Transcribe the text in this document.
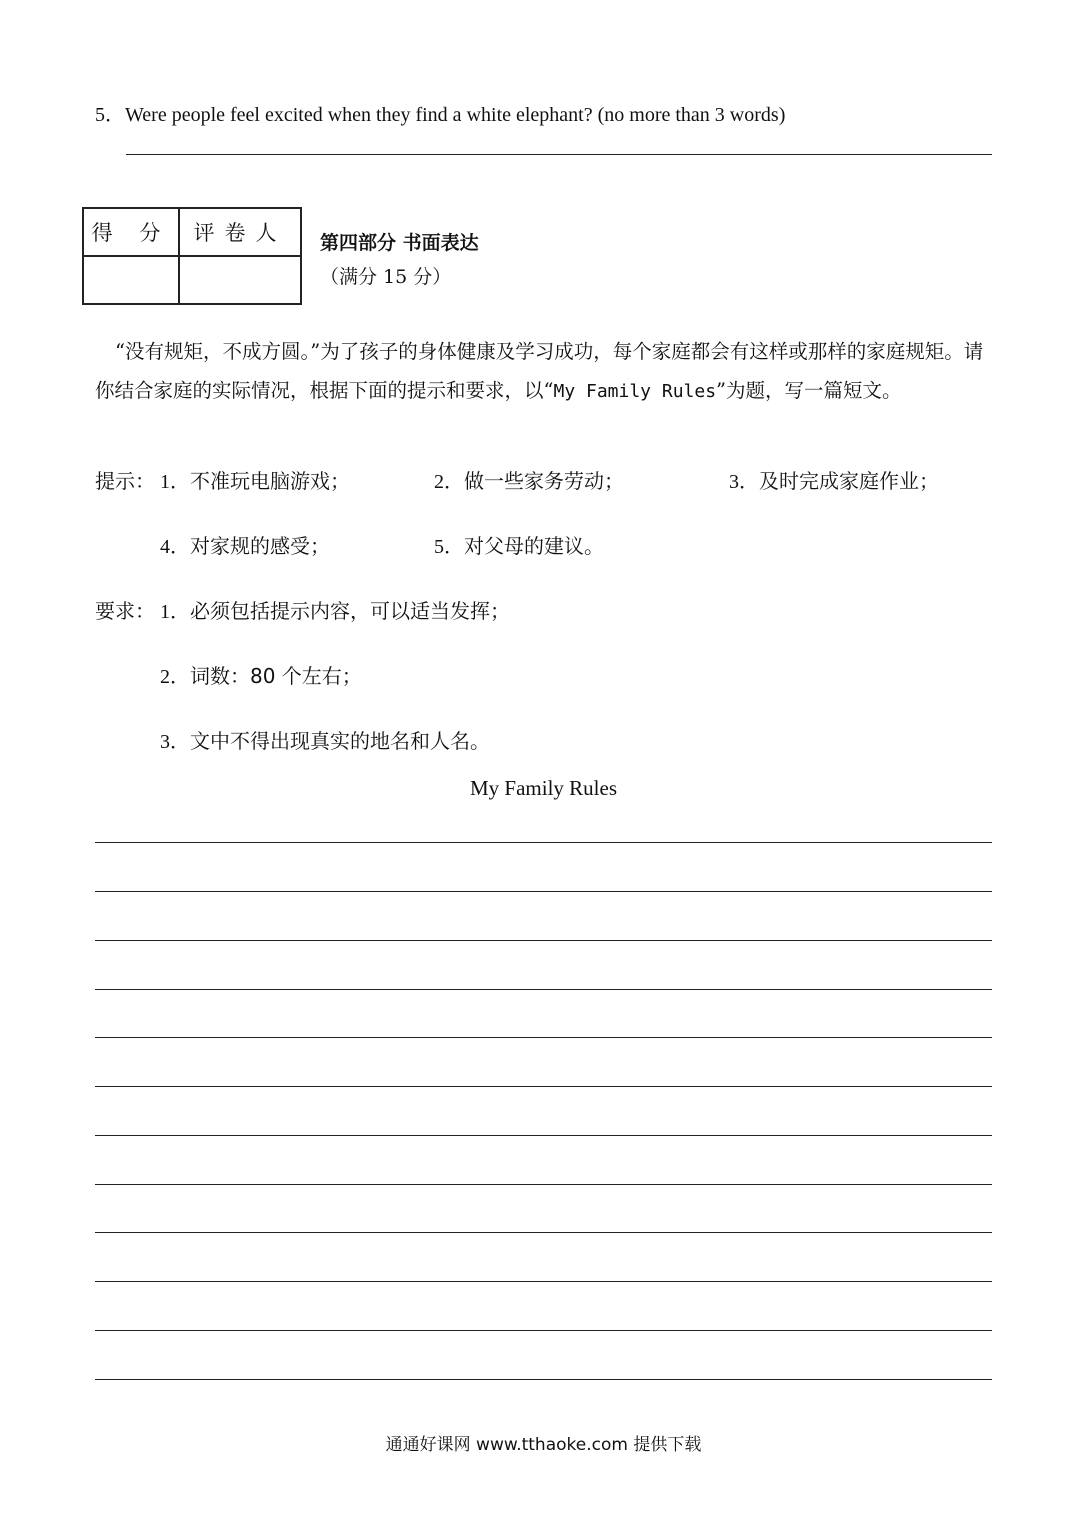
5．Were people feel excited when they find a white elephant? (no more than 3 words)
得 分	评卷人
	第四部分 书面表达
（满分 15 分）
“没有规矩，不成方圆。”为了孩子的身体健康及学习成功，每个家庭都会有这样或那样的家庭规矩。请你结合家庭的实际情况，根据下面的提示和要求，以“My Family Rules”为题，写一篇短文。
提示： 1．不准玩电脑游戏；	2．做一些家务劳动；	3．及时完成家庭作业；
4．对家规的感受；	5．对父母的建议。
要求： 1．必须包括提示内容，可以适当发挥；
2．词数：80 个左右；
3．文中不得出现真实的地名和人名。
My Family Rules
通通好课网 www.tthaoke.com 提供下载
